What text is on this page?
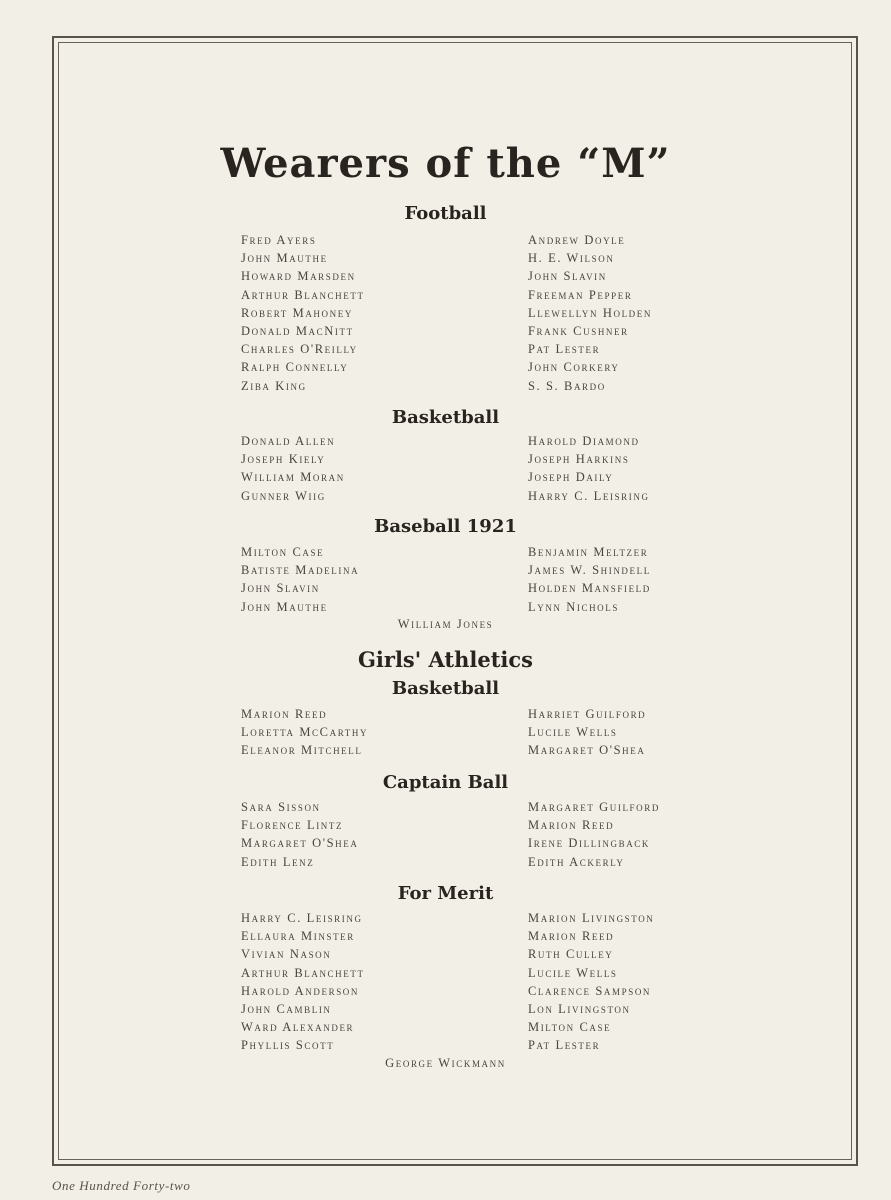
Wearers of the “M”
Football
Fred Ayers
John Mauthe
Howard Marsden
Arthur Blanchett
Robert Mahoney
Donald MacNitt
Charles O'Reilly
Ralph Connelly
Ziba King
Andrew Doyle
H. E. Wilson
John Slavin
Freeman Pepper
Llewellyn Holden
Frank Cushner
Pat Lester
John Corkery
S. S. Bardo
Basketball
Donald Allen
Joseph Kiely
William Moran
Gunner Wiig
Harold Diamond
Joseph Harkins
Joseph Daily
Harry C. Leisring
Baseball 1921
Milton Case
Batiste Madelina
John Slavin
John Mauthe
Benjamin Meltzer
James W. Shindell
Holden Mansfield
Lynn Nichols
William Jones
Girls' Athletics
Basketball
Marion Reed
Loretta McCarthy
Eleanor Mitchell
Harriet Guilford
Lucile Wells
Margaret O'Shea
Captain Ball
Sara Sisson
Florence Lintz
Margaret O'Shea
Edith Lenz
Margaret Guilford
Marion Reed
Irene Dillingback
Edith Ackerly
For Merit
Harry C. Leisring
Ellaura Minster
Vivian Nason
Arthur Blanchett
Harold Anderson
John Camblin
Ward Alexander
Phyllis Scott
Marion Livingston
Marion Reed
Ruth Culley
Lucile Wells
Clarence Sampson
Lon Livingston
Milton Case
Pat Lester
George Wickmann
One Hundred Forty-two
